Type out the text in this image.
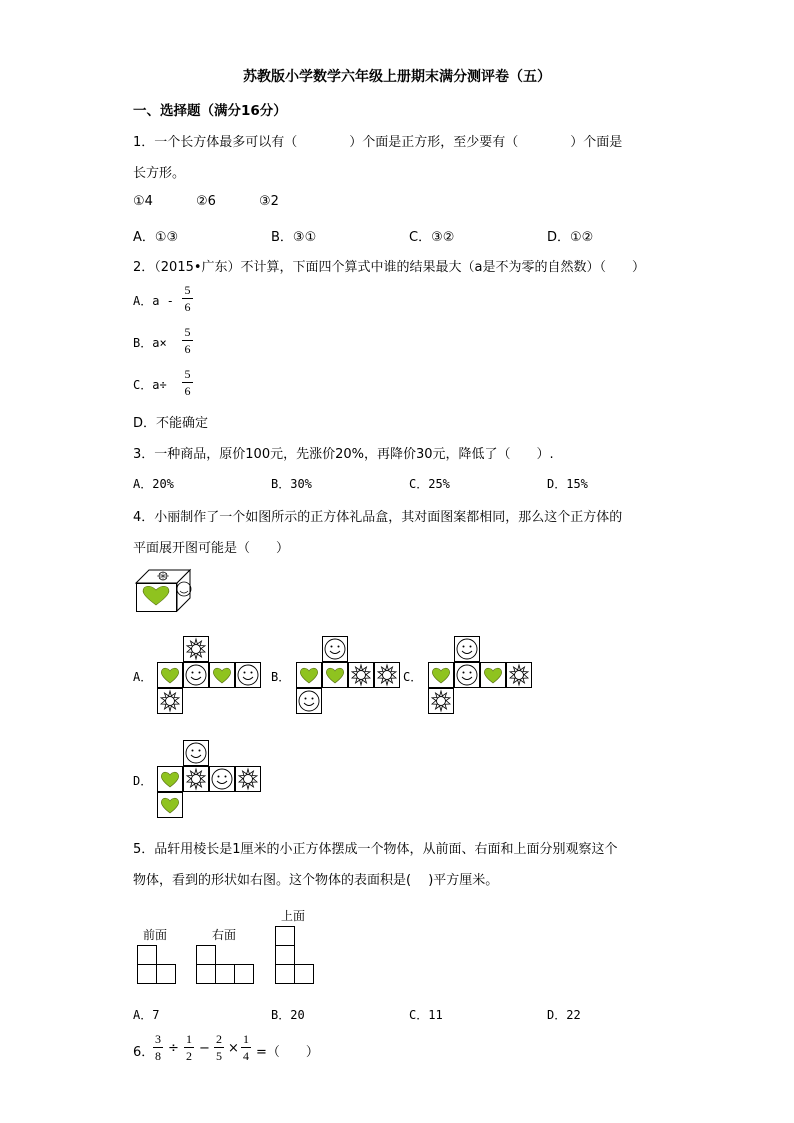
苏教版小学数学六年级上册期末满分测评卷（五）
一、选择题（满分16分）
1．一个长方体最多可以有（　　　　）个面是正方形，至少要有（　　　　）个面是
长方形。
①4	②6	③2
A．①③	B．③①	C．③②	D．①②
2．（2015•广东）不计算，下面四个算式中谁的结果最大（a是不为零的自然数）（　　）
A．a -
5
6
B．a×
5
6
C．a÷
5
6
D．不能确定
3．一种商品，原价100元，先涨价20%，再降价30元，降低了（　　）.
A．20%	B．30%	C．25%	D．15%
4．小丽制作了一个如图所示的正方体礼品盒，其对面图案都相同，那么这个正方体的
平面展开图可能是（　　）
A．	B．	C．
D．
5．品轩用棱长是1厘米的小正方体摆成一个物体，从前面、右面和上面分别观察这个
物体，看到的形状如右图。这个物体的表面积是(　 )平方厘米。
前面	右面
上面
A．7	B．20	C．11	D．22
6．
3
8 ÷
1
2 −
2
5 ×
1
4 =（　　）
